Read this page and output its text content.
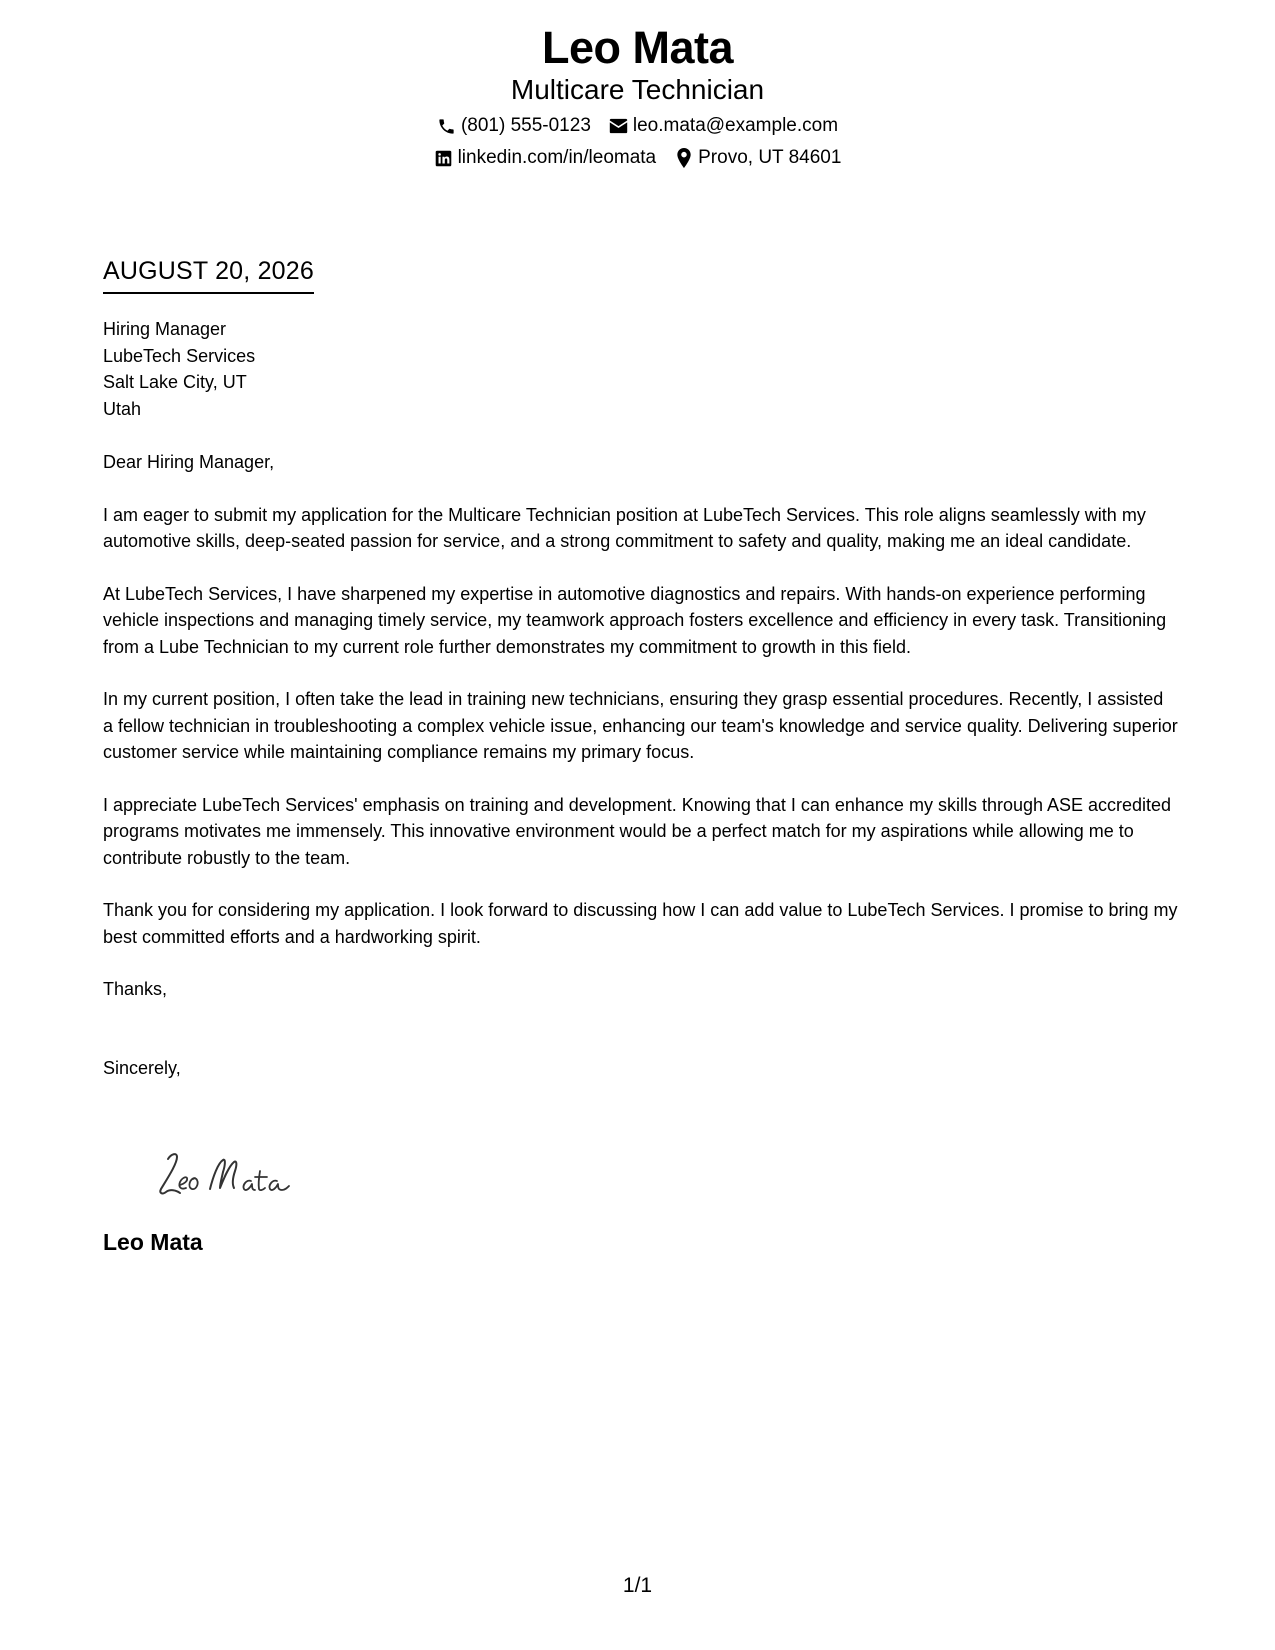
Leo Mata
Multicare Technician
(801) 555-0123 leo.mata@example.com
linkedin.com/in/leomata Provo, UT 84601
AUGUST 20, 2026
Hiring Manager
LubeTech Services
Salt Lake City, UT
Utah

Dear Hiring Manager,

I am eager to submit my application for the Multicare Technician position at LubeTech Services. This role aligns seamlessly with my automotive skills, deep-seated passion for service, and a strong commitment to safety and quality, making me an ideal candidate.

At LubeTech Services, I have sharpened my expertise in automotive diagnostics and repairs. With hands-on experience performing vehicle inspections and managing timely service, my teamwork approach fosters excellence and efficiency in every task. Transitioning from a Lube Technician to my current role further demonstrates my commitment to growth in this field.

In my current position, I often take the lead in training new technicians, ensuring they grasp essential procedures. Recently, I assisted a fellow technician in troubleshooting a complex vehicle issue, enhancing our team's knowledge and service quality. Delivering superior customer service while maintaining compliance remains my primary focus.

I appreciate LubeTech Services' emphasis on training and development. Knowing that I can enhance my skills through ASE accredited programs motivates me immensely. This innovative environment would be a perfect match for my aspirations while allowing me to contribute robustly to the team.

Thank you for considering my application. I look forward to discussing how I can add value to LubeTech Services. I promise to bring my best committed efforts and a hardworking spirit.

Thanks,

Sincerely,

Leo Mata
1/1
